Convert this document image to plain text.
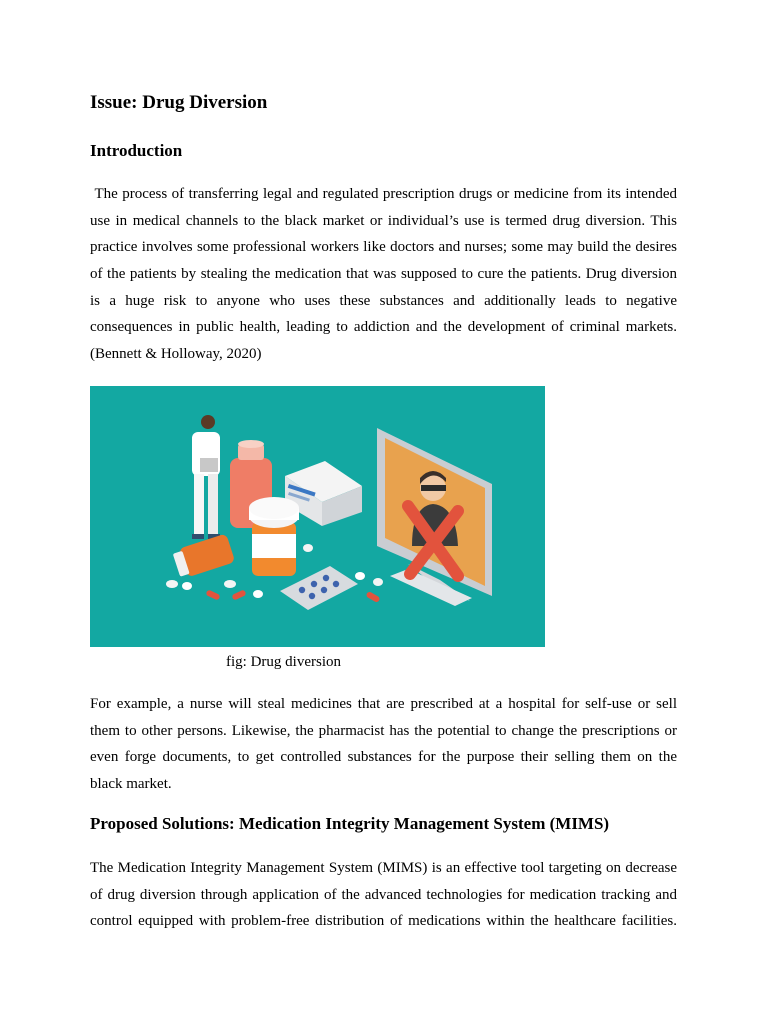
Issue: Drug Diversion
Introduction

The process of transferring legal and regulated prescription drugs or medicine from its intended
use in medical channels to the black market or individual’s use is termed drug diversion. This
practice involves some professional workers like doctors and nurses; some may build the desires
of the patients by stealing the medication that was supposed to cure the patients. Drug diversion
is a huge risk to anyone who uses these substances and additionally leads to negative
consequences in public health, leading to addiction and the development of criminal markets.
(Bennett & Holloway, 2020)

fig: Drug diversion

For example, a nurse will steal medicines that are prescribed at a hospital for self-use or sell
them to other persons. Likewise, the pharmacist has the potential to change the prescriptions or
even forge documents, to get controlled substances for the purpose their selling them on the
black market.

Proposed Solutions: Medication Integrity Management System (MIMS)

The Medication Integrity Management System (MIMS) is an effective tool targeting on decrease
of drug diversion through application of the advanced technologies for medication tracking and
control equipped with problem-free distribution of medications within the healthcare facilities.
